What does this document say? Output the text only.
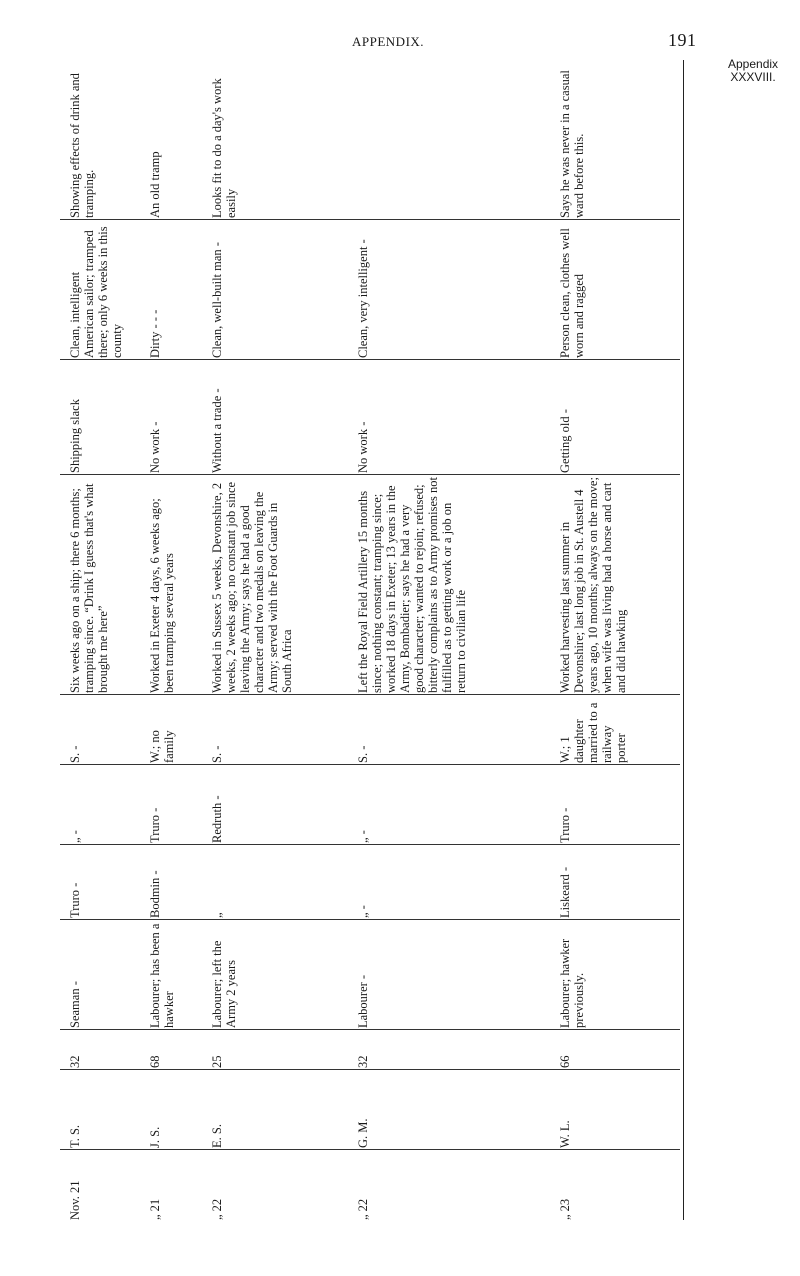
APPENDIX.	191
Appendix
XXXVIII.
Nov. 21
T. S.
32
Seaman -
Truro -
„ -
S. -
Six weeks ago on a ship; there 6 months; tramping since. “Drink I guess that's what brought me here”
Shipping slack
Clean, intelligent American sailor; tramped there; only 6 weeks in this county
Showing effects of drink and tramping.
„ 21
J. S.
68
Labourer; has been a hawker
Bodmin -
Truro -
W.; no family
Worked in Exeter 4 days, 6 weeks ago; been tramping several years
No work -
Dirty - - -
An old tramp
„ 22
E. S.
25
Labourer; left the Army 2 years
„
Redruth -
S. -
Worked in Sussex 5 weeks, Devonshire, 2 weeks, 2 weeks ago; no constant job since leaving the Army; says he had a good character and two medals on leaving the Army; served with the Foot Guards in South Africa
Without a trade -
Clean, well-built man -
Looks fit to do a day's work easily
„ 22
G. M.
32
Labourer -
„ -
„ -
S. -
Left the Royal Field Artillery 15 months since; nothing constant; tramping since; worked 18 days in Exeter; 13 years in the Army, Bombadier; says he had a very good character; wanted to rejoin; refused; bitterly complains as to Army promises not fulfilled as to getting work or a job on return to civilian life
No work -
Clean, very intelligent -
„ 23
W. L.
66
Labourer; hawker previously.
Liskeard -
Truro -
W.; 1 daughter married to a railway porter
Worked harvesting last summer in Devonshire; last long job in St. Austell 4 years ago, 10 months; always on the move; when wife was living had a horse and cart and did hawking
Getting old -
Person clean, clothes well worn and ragged
Says he was never in a casual ward before this.
